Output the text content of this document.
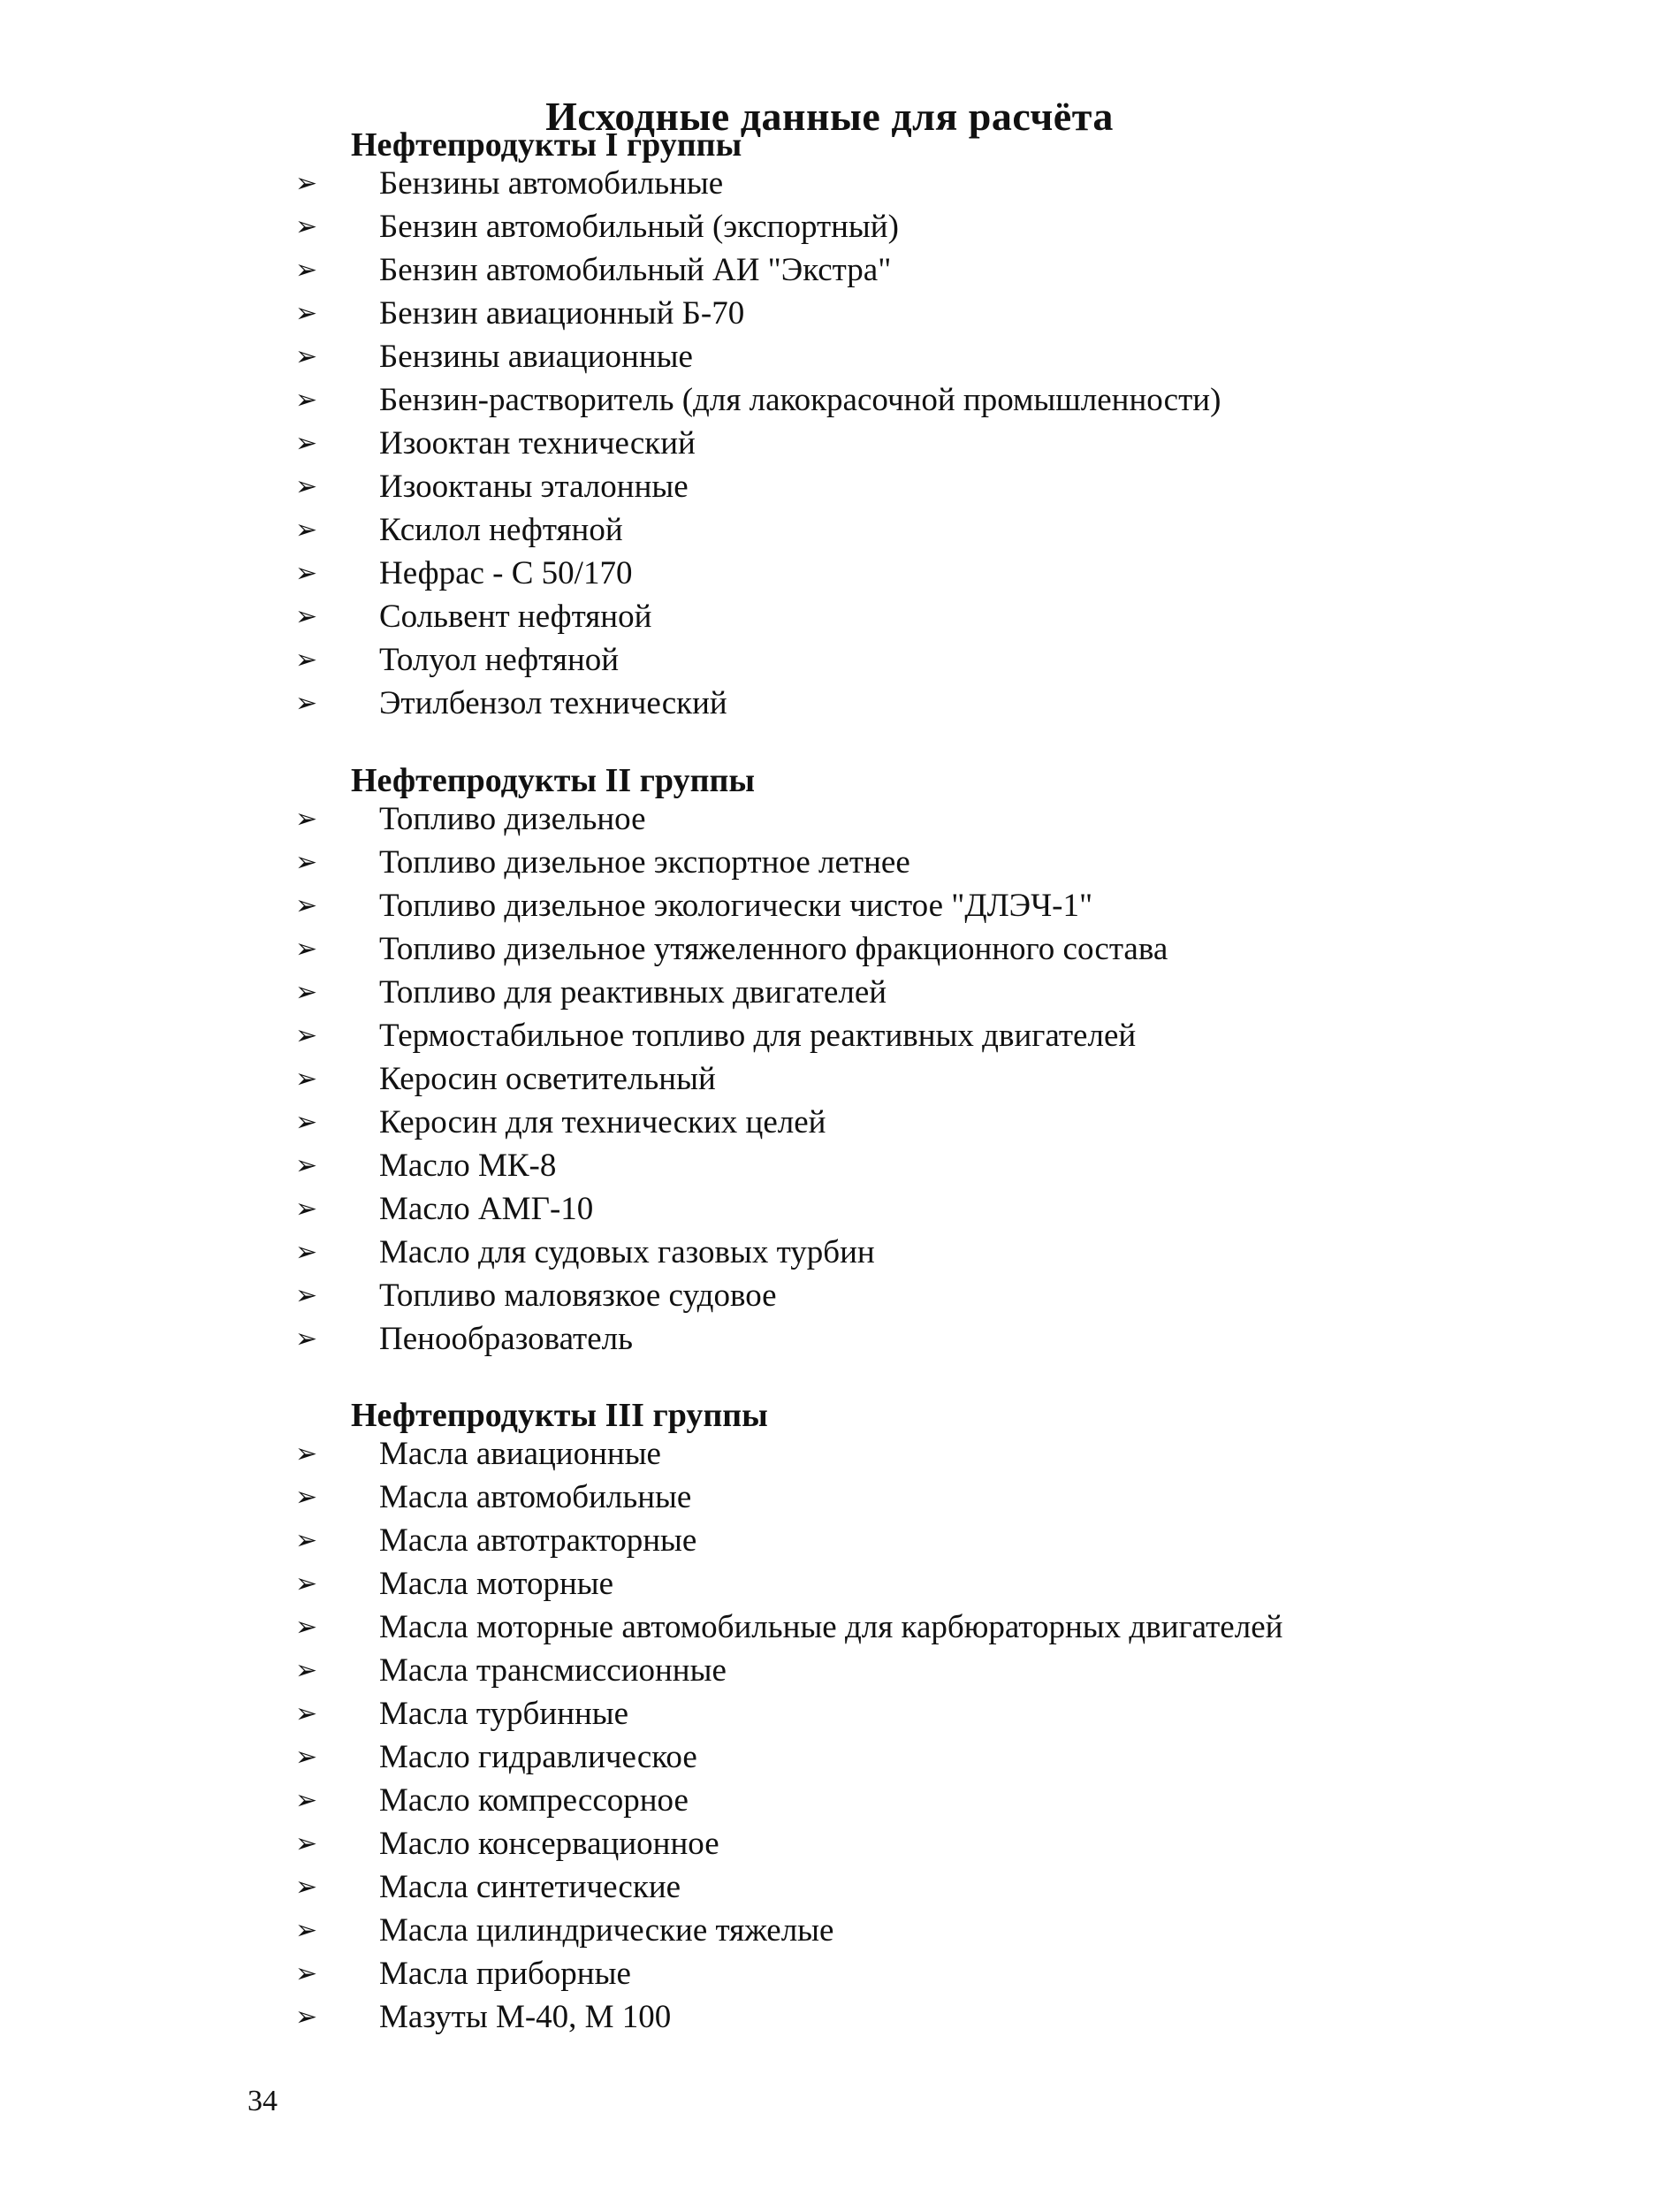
Исходные данные для расчёта
Нефтепродукты I группы
➢ Бензины автомобильные
➢ Бензин автомобильный (экспортный)
➢ Бензин автомобильный АИ "Экстра"
➢ Бензин авиационный Б-70
➢ Бензины авиационные
➢ Бензин-растворитель (для лакокрасочной промышленности)
➢ Изооктан технический
➢ Изооктаны эталонные
➢ Ксилол нефтяной
➢ Нефрас - С 50/170
➢ Сольвент нефтяной
➢ Толуол нефтяной
➢ Этилбензол технический
Нефтепродукты II группы
➢ Топливо дизельное
➢ Топливо дизельное экспортное летнее
➢ Топливо дизельное экологически чистое "ДЛЭЧ-1"
➢ Топливо дизельное утяжеленного фракционного состава
➢ Топливо для реактивных двигателей
➢ Термостабильное топливо для реактивных двигателей
➢ Керосин осветительный
➢ Керосин для технических целей
➢ Масло МК-8
➢ Масло АМГ-10
➢ Масло для судовых газовых турбин
➢ Топливо маловязкое судовое
➢ Пенообразователь
Нефтепродукты III группы
➢ Масла авиационные
➢ Масла автомобильные
➢ Масла автотракторные
➢ Масла моторные
➢ Масла моторные автомобильные для карбюраторных двигателей
➢ Масла трансмиссионные
➢ Масла турбинные
➢ Масло гидравлическое
➢ Масло компрессорное
➢ Масло консервационное
➢ Масла синтетические
➢ Масла цилиндрические тяжелые
➢ Масла приборные
➢ Мазуты М-40, М 100
34
